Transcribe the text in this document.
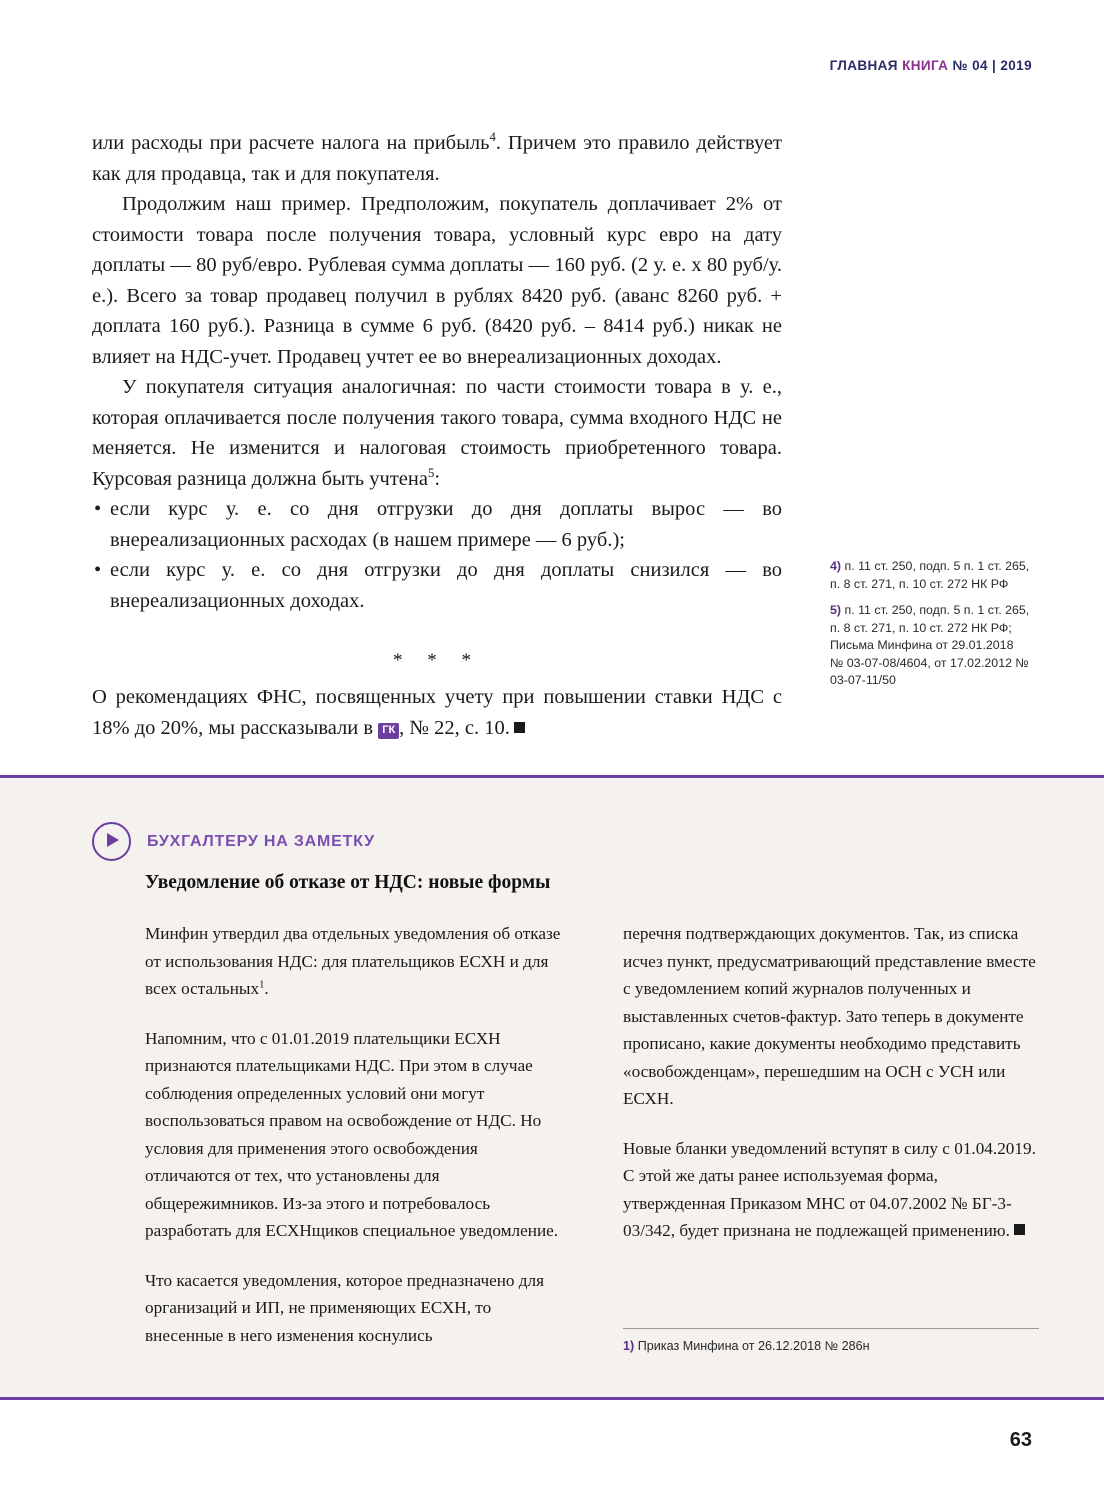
ГЛАВНАЯ КНИГА № 04 | 2019

или расходы при расчете налога на прибыль$^4$. Причем это правило действует как для продавца, так и для покупателя.

Продолжим наш пример. Предположим, покупатель доплачивает 2% от стоимости товара после получения товара, условный курс евро на дату доплаты — 80 руб/евро. Рублевая сумма доплаты — 160 руб. (2 у. е. х 80 руб/у. е.). Всего за товар продавец получил в рублях 8420 руб. (аванс 8260 руб. + доплата 160 руб.). Разница в сумме 6 руб. (8420 руб. – 8414 руб.) никак не влияет на НДС-учет. Продавец учтет ее во внереализационных доходах.

У покупателя ситуация аналогичная: по части стоимости товара в у. е., которая оплачивается после получения такого товара, сумма входного НДС не меняется. Не изменится и налоговая стоимость приобретенного товара. Курсовая разница должна быть учтена$^5$:

• если курс у. е. со дня отгрузки до дня доплаты вырос — во внереализационных расходах (в нашем примере — 6 руб.);
• если курс у. е. со дня отгрузки до дня доплаты снизился — во внереализационных доходах.
* * *

О рекомендациях ФНС, посвященных учету при повышении ставки НДС с 18% до 20%, мы рассказывали в ГК , № 22, с. 10.

4) п. 11 ст. 250, подп. 5 п. 1 ст. 265, п. 8 ст. 271, п. 10 ст. 272 НК РФ
5) п. 11 ст. 250, подп. 5 п. 1 ст. 265, п. 8 ст. 271, п. 10 ст. 272 НК РФ; Письма Минфина от 29.01.2018 № 03-07-08/4604, от 17.02.2012 № 03-07-11/50
БУХГАЛТЕРУ НА ЗАМЕТКУ
Уведомление об отказе от НДС: новые формы

Минфин утвердил два отдельных уведомления об отказе от использования НДС: для плательщиков ЕСХН и для всех остальных$^1$.

Напомним, что с 01.01.2019 плательщики ЕСХН признаются плательщиками НДС. При этом в случае соблюдения определенных условий они могут воспользоваться правом на освобождение от НДС. Но условия для применения этого освобождения отличаются от тех, что установлены для общережимников. Из-за этого и потребовалось разработать для ЕСХНщиков специальное уведомление.

Что касается уведомления, которое предназначено для организаций и ИП, не применяющих ЕСХН, то внесенные в него изменения коснулись

перечня подтверждающих документов. Так, из списка исчез пункт, предусматривающий представление вместе с уведомлением копий журналов полученных и выставленных счетов-фактур. Зато теперь в документе прописано, какие документы необходимо представить «освобожденцам», перешедшим на ОСН с УСН или ЕСХН.

Новые бланки уведомлений вступят в силу с 01.04.2019. С этой же даты ранее используемая форма, утвержденная Приказом МНС от 04.07.2002 № БГ-3-03/342, будет признана не подлежащей применению.

1) Приказ Минфина от 26.12.2018 № 286н
63
